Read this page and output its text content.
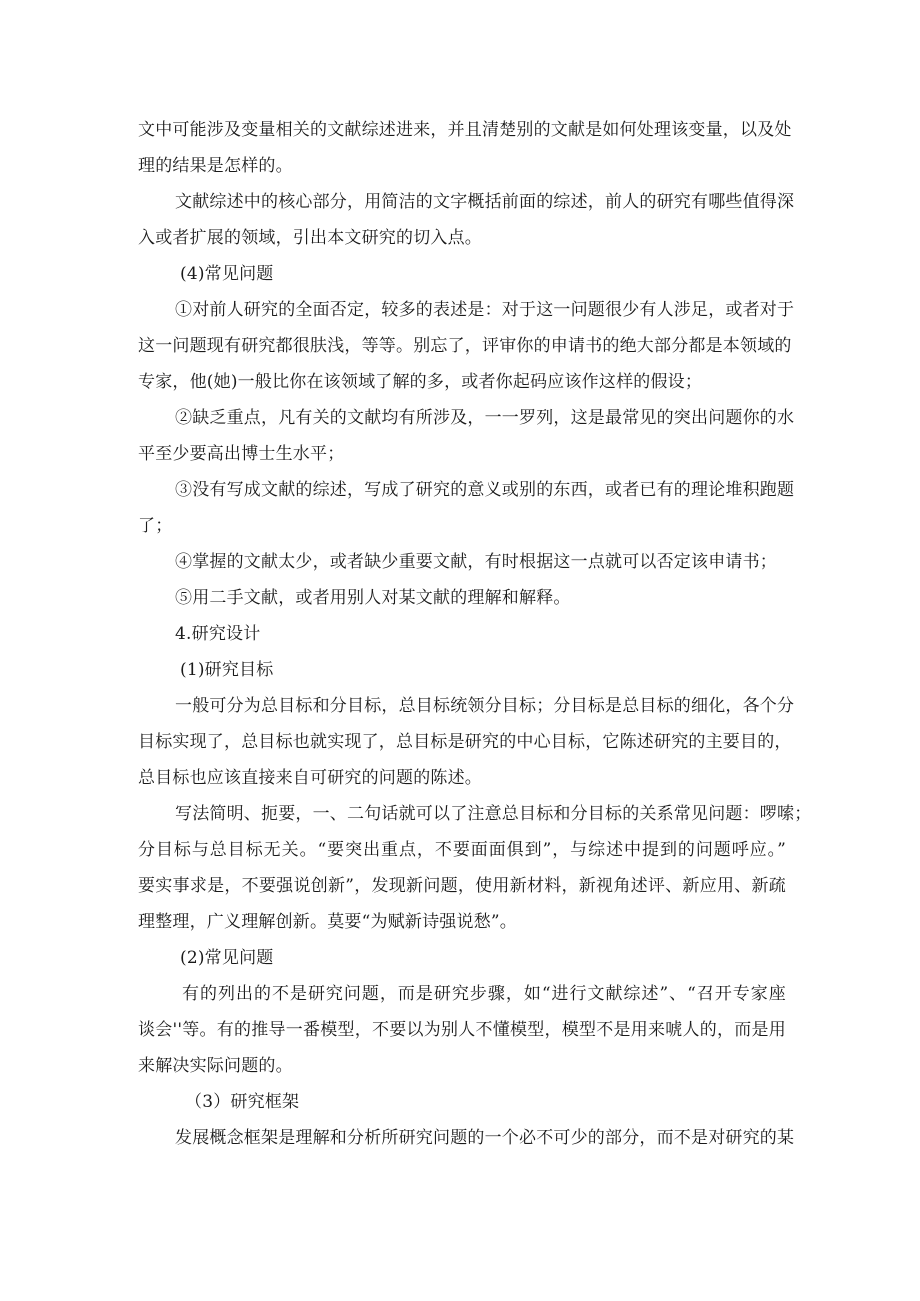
文中可能涉及变量相关的文献综述进来，并且清楚别的文献是如何处理该变量，以及处
理的结果是怎样的。
文献综述中的核心部分，用简洁的文字概括前面的综述，前人的研究有哪些值得深
入或者扩展的领域，引出本文研究的切入点。
(4)常见问题
①对前人研究的全面否定，较多的表述是：对于这一问题很少有人涉足，或者对于
这一问题现有研究都很肤浅，等等。别忘了，评审你的申请书的绝大部分都是本领域的
专家，他(她)一般比你在该领域了解的多，或者你起码应该作这样的假设；
②缺乏重点，凡有关的文献均有所涉及，一一罗列，这是最常见的突出问题你的水
平至少要高出博士生水平；
③没有写成文献的综述，写成了研究的意义或别的东西，或者已有的理论堆积跑题
了；
④掌握的文献太少，或者缺少重要文献，有时根据这一点就可以否定该申请书；
⑤用二手文献，或者用别人对某文献的理解和解释。
4.研究设计
(1)研究目标
一般可分为总目标和分目标，总目标统领分目标；分目标是总目标的细化，各个分
目标实现了，总目标也就实现了，总目标是研究的中心目标，它陈述研究的主要目的，
总目标也应该直接来自可研究的问题的陈述。
写法简明、扼要，一、二句话就可以了注意总目标和分目标的关系常见问题：啰嗦；
分目标与总目标无关。“要突出重点，不要面面俱到”，与综述中提到的问题呼应。”
要实事求是，不要强说创新”，发现新问题，使用新材料，新视角述评、新应用、新疏
理整理，广义理解创新。莫要“为赋新诗强说愁”。
(2)常见问题
有的列出的不是研究问题，而是研究步骤，如“进行文献综述”、“召开专家座
谈会''等。有的推导一番模型，不要以为别人不懂模型，模型不是用来唬人的，而是用
来解决实际问题的。
（3）研究框架
发展概念框架是理解和分析所研究问题的一个必不可少的部分，而不是对研究的某
